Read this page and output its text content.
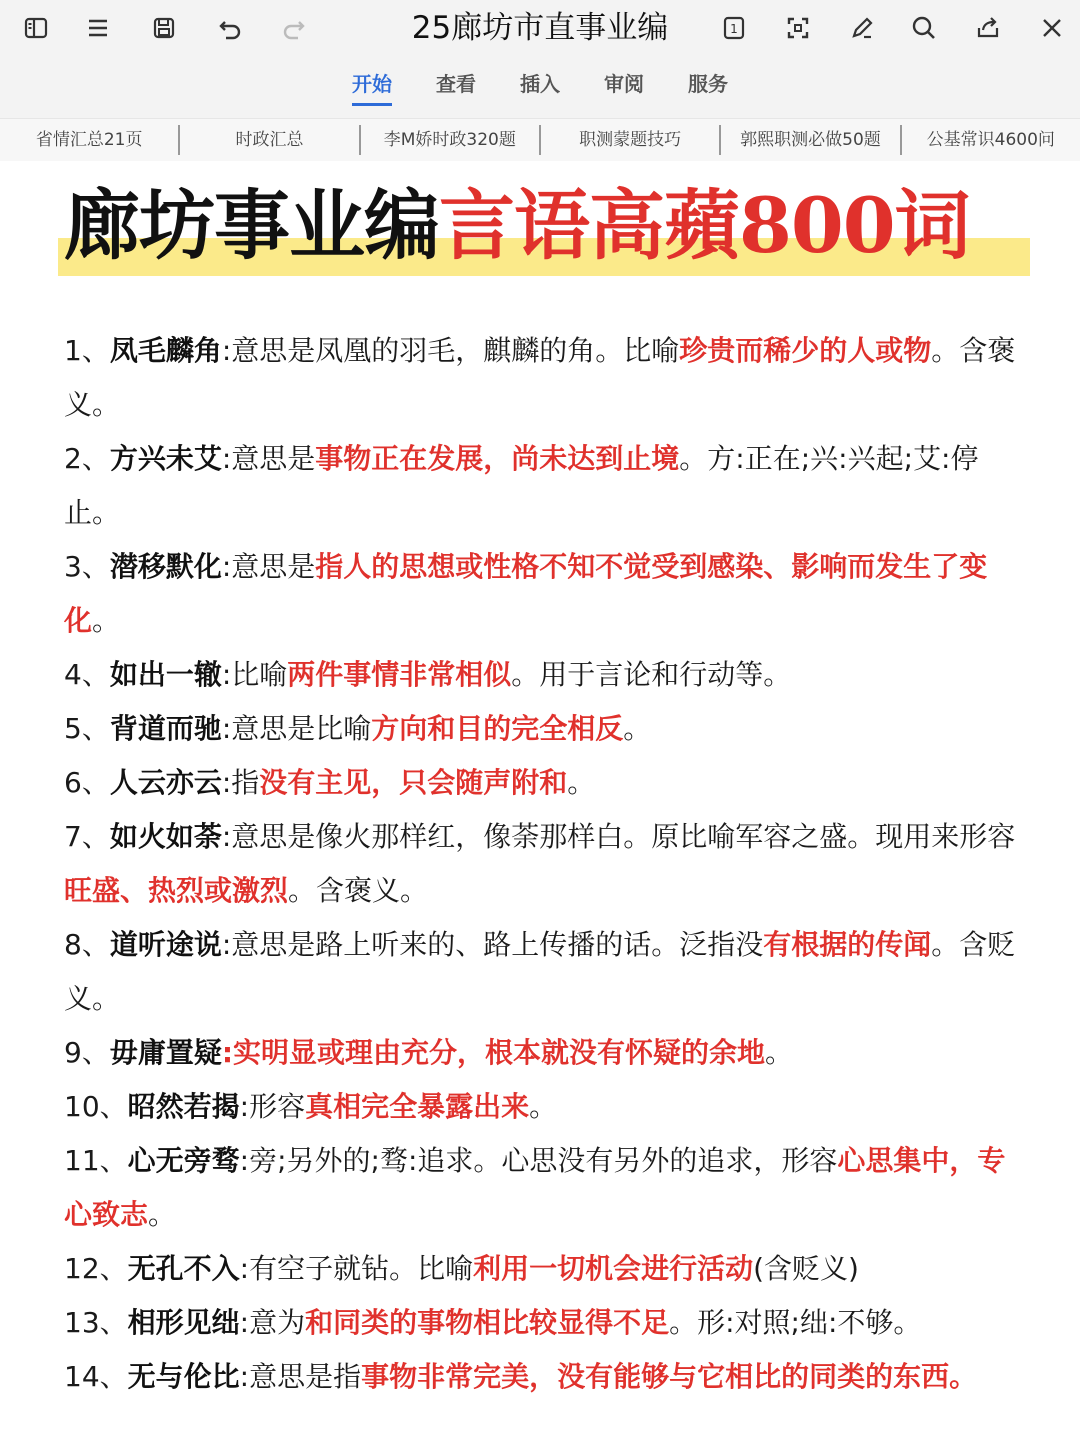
25廊坊市直事业编	1
开始 查看 插入 审阅 服务
省情汇总21页	时政汇总	李M娇时政320题	职测蒙题技巧	郭熙职测必做50题	公基常识4600问
廊坊事业编言语高蘋800词

1、凤毛麟角:意思是凤凰的羽毛，麒麟的角。比喻珍贵而稀少的人或物。含褒义。

2、方兴未艾:意思是事物正在发展，尚未达到止境。方:正在;兴:兴起;艾:停止。

3、潜移默化:意思是指人的思想或性格不知不觉受到感染、影响而发生了变化。

4、如出一辙:比喻两件事情非常相似。用于言论和行动等。

5、背道而驰:意思是比喻方向和目的完全相反。

6、人云亦云:指没有主见，只会随声附和。

7、如火如荼:意思是像火那样红，像荼那样白。原比喻军容之盛。现用来形容旺盛、热烈或激烈。含褒义。

8、道听途说:意思是路上听来的、路上传播的话。泛指没有根据的传闻。含贬义。

9、毋庸置疑:实明显或理由充分，根本就没有怀疑的余地。

10、昭然若揭:形容真相完全暴露出来。

11、心无旁骛:旁;另外的;骛:追求。心思没有另外的追求，形容心思集中，专心致志。

12、无孔不入:有空子就钻。比喻利用一切机会进行活动(含贬义)

13、相形见绌:意为和同类的事物相比较显得不足。形:对照;绌:不够。

14、无与伦比:意思是指事物非常完美，没有能够与它相比的同类的东西。
